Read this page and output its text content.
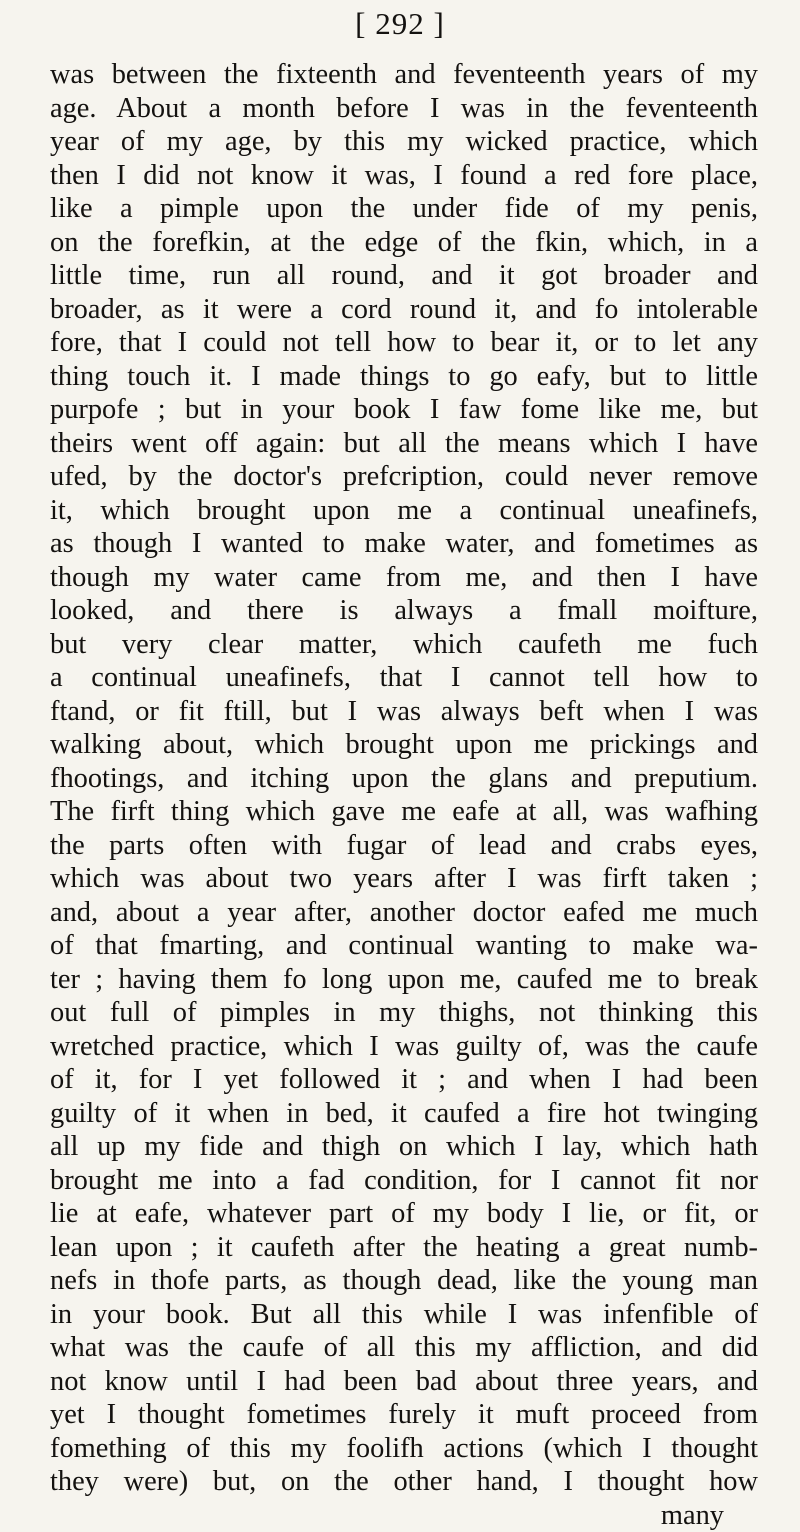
[ 292 ]
was between the fixteenth and feventeenth years of my
age. About a month before I was in the feventeenth
year of my age, by this my wicked practice, which
then I did not know it was, I found a red fore place,
like a pimple upon the under fide of my penis,
on the forefkin, at the edge of the fkin, which, in a
little time, run all round, and it got broader and
broader, as it were a cord round it, and fo intolerable
fore, that I could not tell how to bear it, or to let any
thing touch it. I made things to go eafy, but to little
purpofe ; but in your book I faw fome like me, but
theirs went off again: but all the means which I have
ufed, by the doctor's prefcription, could never remove
it, which brought upon me a continual uneafinefs,
as though I wanted to make water, and fometimes as
though my water came from me, and then I have
looked, and there is always a fmall moifture,
but very clear matter, which caufeth me fuch
a continual uneafinefs, that I cannot tell how to
ftand, or fit ftill, but I was always beft when I was
walking about, which brought upon me prickings and
fhootings, and itching upon the glans and preputium.
The firft thing which gave me eafe at all, was wafhing
the parts often with fugar of lead and crabs eyes,
which was about two years after I was firft taken ;
and, about a year after, another doctor eafed me much
of that fmarting, and continual wanting to make wa-
ter ; having them fo long upon me, caufed me to break
out full of pimples in my thighs, not thinking this
wretched practice, which I was guilty of, was the caufe
of it, for I yet followed it ; and when I had been
guilty of it when in bed, it caufed a fire hot twinging
all up my fide and thigh on which I lay, which hath
brought me into a fad condition, for I cannot fit nor
lie at eafe, whatever part of my body I lie, or fit, or
lean upon ; it caufeth after the heating a great numb-
nefs in thofe parts, as though dead, like the young man
in your book. But all this while I was infenfible of
what was the caufe of all this my affliction, and did
not know until I had been bad about three years, and
yet I thought fometimes furely it muft proceed from
fomething of this my foolifh actions (which I thought
they were) but, on the other hand, I thought how
many
